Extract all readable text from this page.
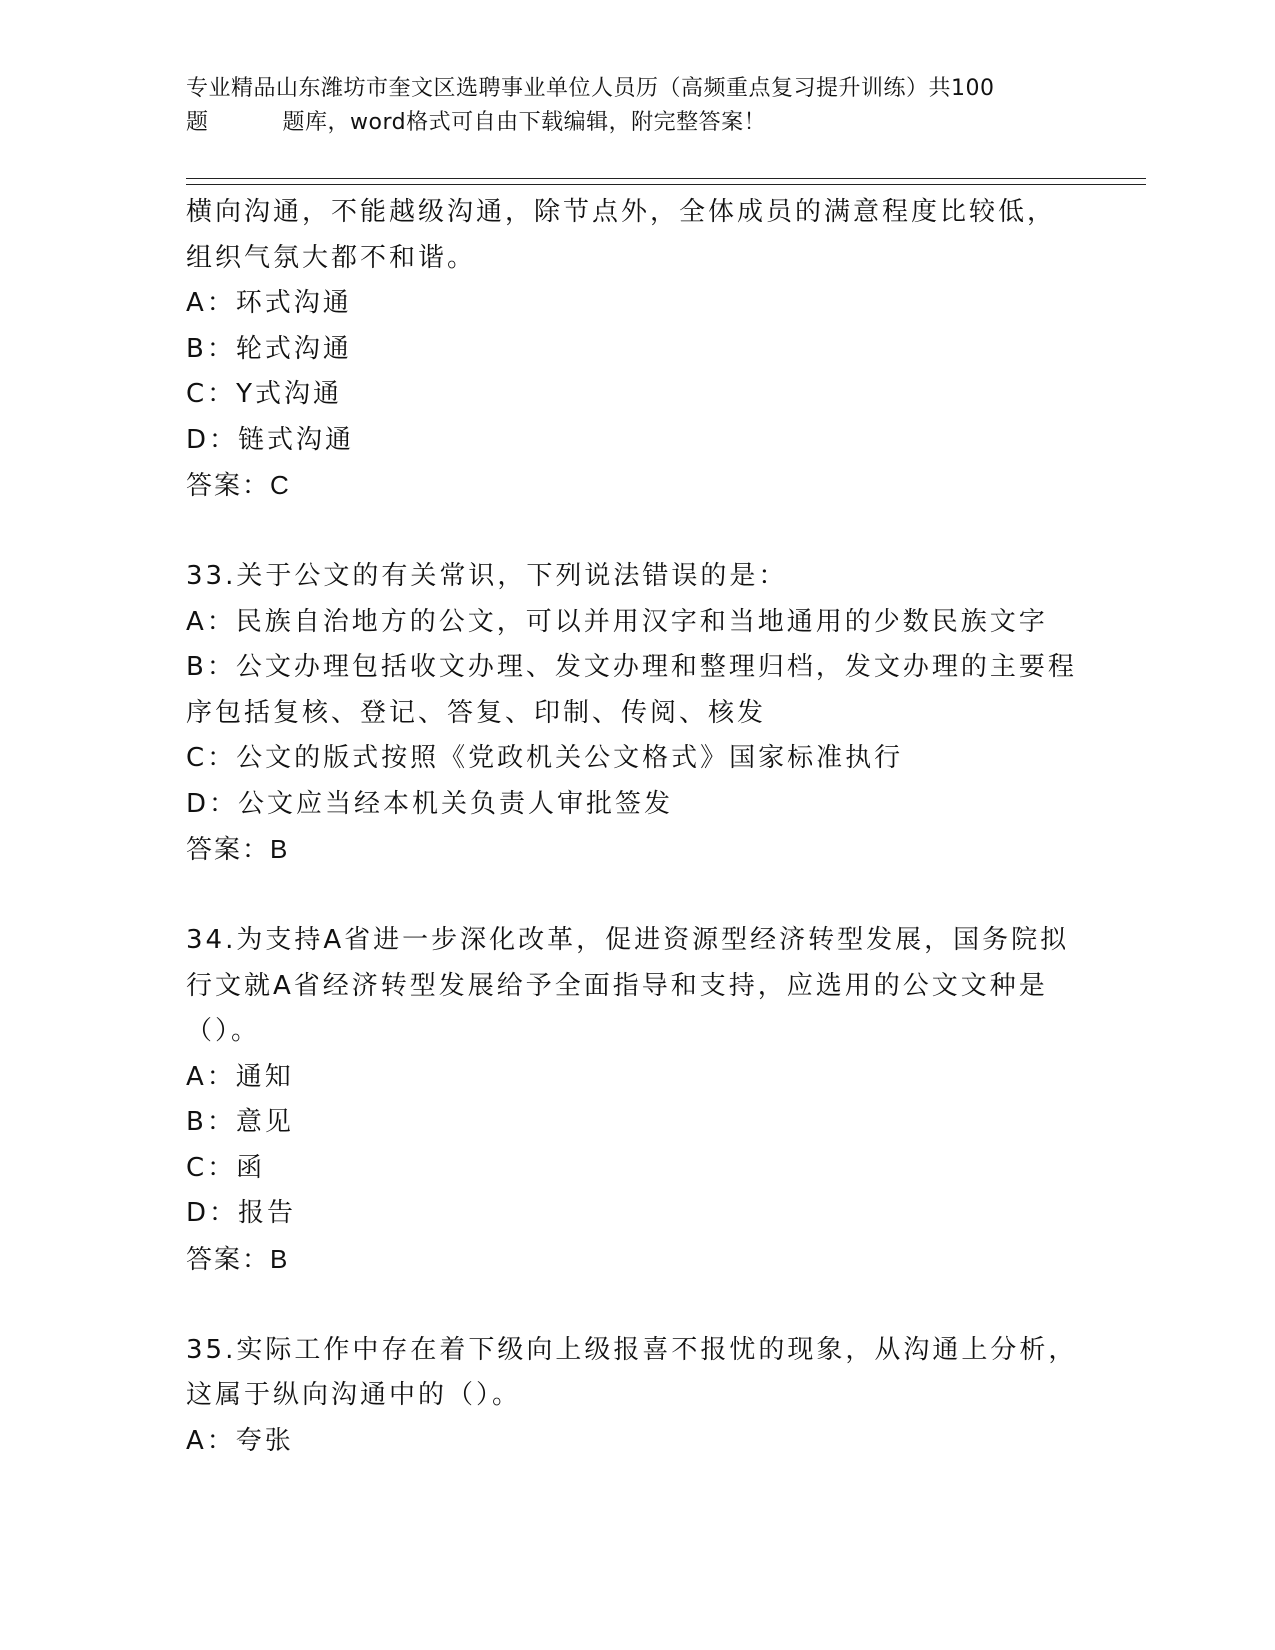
专业精品山东潍坊市奎文区选聘事业单位人员历（高频重点复习提升训练）共100
题	题库，word格式可自由下载编辑，附完整答案！
横向沟通，不能越级沟通，除节点外，全体成员的满意程度比较低，
组织气氛大都不和谐。
A：环式沟通
B：轮式沟通
C：Y式沟通
D：链式沟通
答案：C
33.关于公文的有关常识，下列说法错误的是：
A：民族自治地方的公文，可以并用汉字和当地通用的少数民族文字
B：公文办理包括收文办理、发文办理和整理归档，发文办理的主要程
序包括复核、登记、答复、印制、传阅、核发
C：公文的版式按照《党政机关公文格式》国家标准执行
D：公文应当经本机关负责人审批签发
答案：B
34.为支持A省进一步深化改革，促进资源型经济转型发展，国务院拟
行文就A省经济转型发展给予全面指导和支持，应选用的公文文种是
（）。
A：通知
B：意见
C：函
D：报告
答案：B
35.实际工作中存在着下级向上级报喜不报忧的现象，从沟通上分析，
这属于纵向沟通中的（）。
A：夸张
